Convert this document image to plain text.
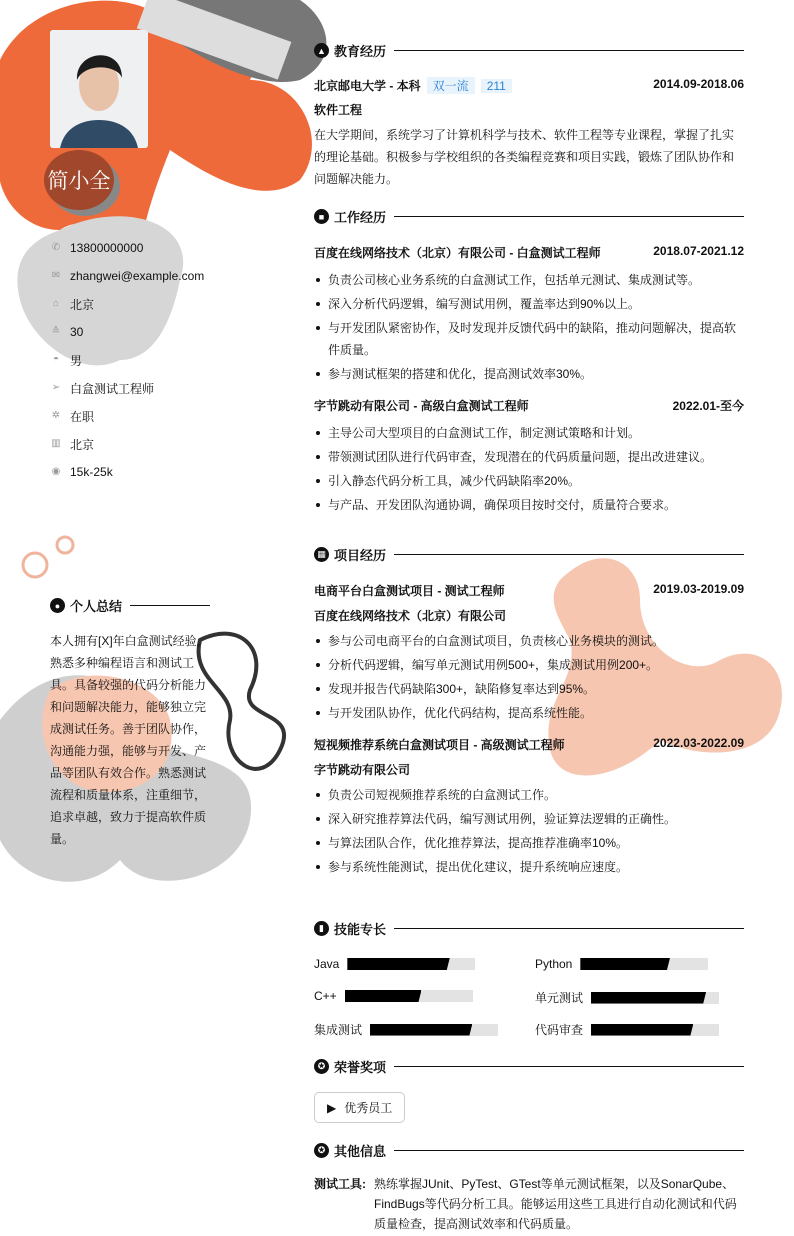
简小全
✆ 13800000000
✉ zhangwei@example.com
⌂ 北京
≙ 30
◓ 男
➢ 白盒测试工程师
✲ 在职
▥ 北京
◉ 15k-25k
● 个人总结
本人拥有[X]年白盒测试经验，熟悉多种编程语言和测试工具。具备较强的代码分析能力和问题解决能力，能够独立完成测试任务。善于团队协作，沟通能力强，能够与开发、产品等团队有效合作。熟悉测试流程和质量体系，注重细节，追求卓越，致力于提高软件质量。
▲ 教育经历
北京邮电大学 - 本科 双一流 211	2014.09-2018.06
软件工程

在大学期间，系统学习了计算机科学与技术、软件工程等专业课程，掌握了扎实的理论基础。积极参与学校组织的各类编程竞赛和项目实践，锻炼了团队协作和问题解决能力。

■ 工作经历
百度在线网络技术（北京）有限公司 - 白盒测试工程师	2018.07-2021.12
负责公司核心业务系统的白盒测试工作，包括单元测试、集成测试等。
深入分析代码逻辑，编写测试用例，覆盖率达到90%以上。
与开发团队紧密协作，及时发现并反馈代码中的缺陷，推动问题解决，提高软件质量。
参与测试框架的搭建和优化，提高测试效率30%。
字节跳动有限公司 - 高级白盒测试工程师	2022.01-至今
主导公司大型项目的白盒测试工作，制定测试策略和计划。
带领测试团队进行代码审查，发现潜在的代码质量问题，提出改进建议。
引入静态代码分析工具，减少代码缺陷率20%。
与产品、开发团队沟通协调，确保项目按时交付，质量符合要求。
▦ 项目经历
电商平台白盒测试项目 - 测试工程师	2019.03-2019.09
百度在线网络技术（北京）有限公司
参与公司电商平台的白盒测试项目，负责核心业务模块的测试。
分析代码逻辑，编写单元测试用例500+，集成测试用例200+。
发现并报告代码缺陷300+，缺陷修复率达到95%。
与开发团队协作，优化代码结构，提高系统性能。
短视频推荐系统白盒测试项目 - 高级测试工程师	2022.03-2022.09
字节跳动有限公司
负责公司短视频推荐系统的白盒测试工作。
深入研究推荐算法代码，编写测试用例，验证算法逻辑的正确性。
与算法团队合作，优化推荐算法，提高推荐准确率10%。
参与系统性能测试，提出优化建议，提升系统响应速度。
▮ 技能专长
Java	Python
C++	单元测试
集成测试	代码审查
✪ 荣誉奖项
▶ 优秀员工
✪ 其他信息
测试工具: 熟练掌握JUnit、PyTest、GTest等单元测试框架，以及SonarQube、FindBugs等代码分析工具。能够运用这些工具进行自动化测试和代码质量检查，提高测试效率和代码质量。
